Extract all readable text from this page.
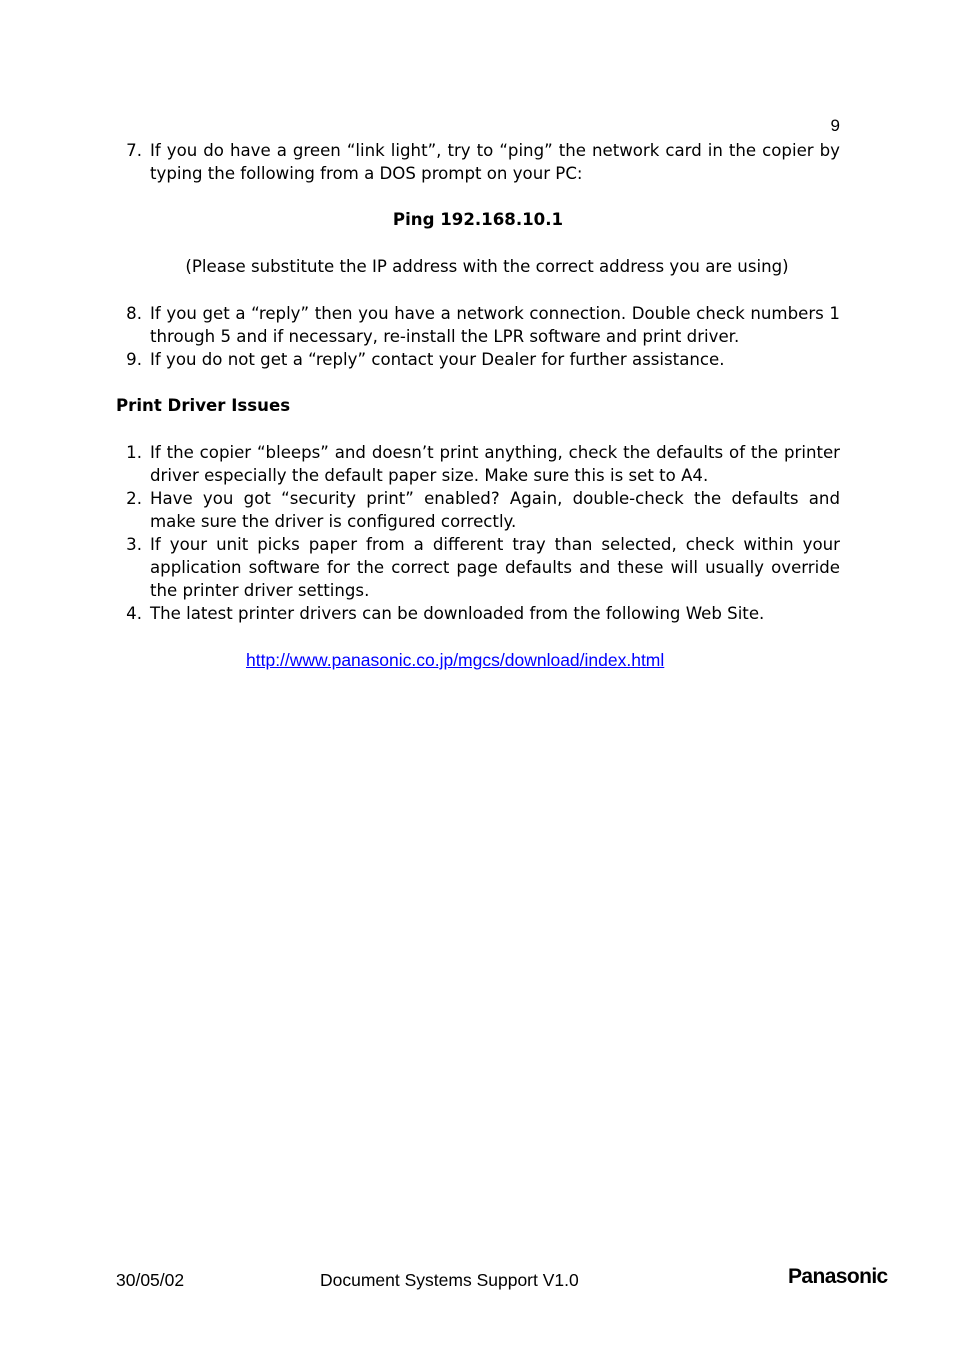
9
7. If you do have a green “link light”, try to “ping” the network card in the copier by typing the following from a DOS prompt on your PC:
Ping 192.168.10.1
(Please substitute the IP address with the correct address you are using)
8. If you get a “reply” then you have a network connection. Double check numbers 1 through 5 and if necessary, re-install the LPR software and print driver.
9. If you do not get a “reply” contact your Dealer for further assistance.
Print Driver Issues
1. If the copier “bleeps” and doesn’t print anything, check the defaults of the printer driver especially the default paper size. Make sure this is set to A4.
2. Have you got “security print” enabled? Again, double-check the defaults and make sure the driver is configured correctly.
3. If your unit picks paper from a different tray than selected, check within your application software for the correct page defaults and these will usually override the printer driver settings.
4. The latest printer drivers can be downloaded from the following Web Site.
http://www.panasonic.co.jp/mgcs/download/index.html
30/05/02	Document Systems Support V1.0	Panasonic
